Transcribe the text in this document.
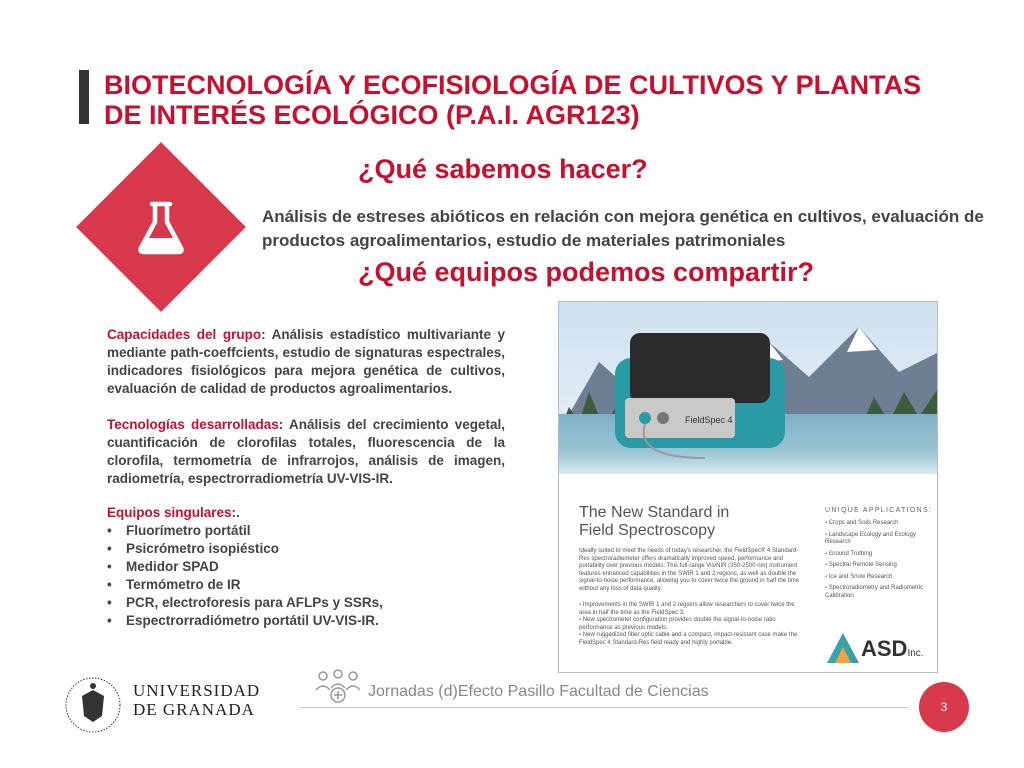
BIOTECNOLOGÍA Y ECOFISIOLOGÍA DE CULTIVOS Y PLANTAS
DE INTERÉS ECOLÓGICO (P.A.I. AGR123)
¿Qué sabemos hacer?

Análisis de estreses abióticos en relación con mejora genética en cultivos, evaluación de productos agroalimentarios, estudio de materiales patrimoniales

¿Qué equipos podemos compartir?

Capacidades del grupo: Análisis estadístico multivariante y mediante path-coeffcients, estudio de signaturas espectrales, indicadores fisiológicos para mejora genética de cultivos, evaluación de calidad de productos agroalimentarios.

Tecnologías desarrolladas: Análisis del crecimiento vegetal, cuantificación de clorofilas totales, fluorescencia de la clorofila, termometría de infrarrojos, análisis de imagen, radiometría, espectrorradiometría UV-VIS-IR.

Equipos singulares:.
• Fluorímetro portátil
• Psicrómetro isopiéstico
• Medidor SPAD
• Termómetro de IR
• PCR, electroforesis para AFLPs y SSRs,
• Espectrorradiómetro portátil UV-VIS-IR.
FieldSpec 4
The New Standard in
Field Spectroscopy

Ideally suited to meet the needs of today's researcher, the FieldSpec® 4 Standard-Res spectroradiometer offers dramatically improved speed, performance and portability over previous models. This full-range Vis/NIR (350-2500 nm) instrument features enhanced capabilities in the SWIR 1 and 2 regions, as well as double the signal-to-noise performance, allowing you to cover twice the ground in half the time without any loss of data quality.

▪ Improvements in the SWIR 1 and 2 regions allow researchers to cover twice the area in half the time as the FieldSpec 3.
▪ New spectrometer configuration provides double the signal-to-noise ratio performance as previous models.
▪ New ruggedized fiber optic cable and a compact, impact-resistant case make the FieldSpec 4 Standard-Res field ready and highly portable.
UNIQUE APPLICATIONS:
▪ Crops and Soils Research
▪ Landscape Ecology and Ecology Research
▪ Ground Truthing
▪ Spectral Remote Sensing
▪ Ice and Snow Research
▪ Spectroradiometry and Radiometric Calibration
ASDInc.
UNIVERSIDAD
DE GRANADA
Jornadas (d)Efecto Pasillo Facultad de Ciencias
3
